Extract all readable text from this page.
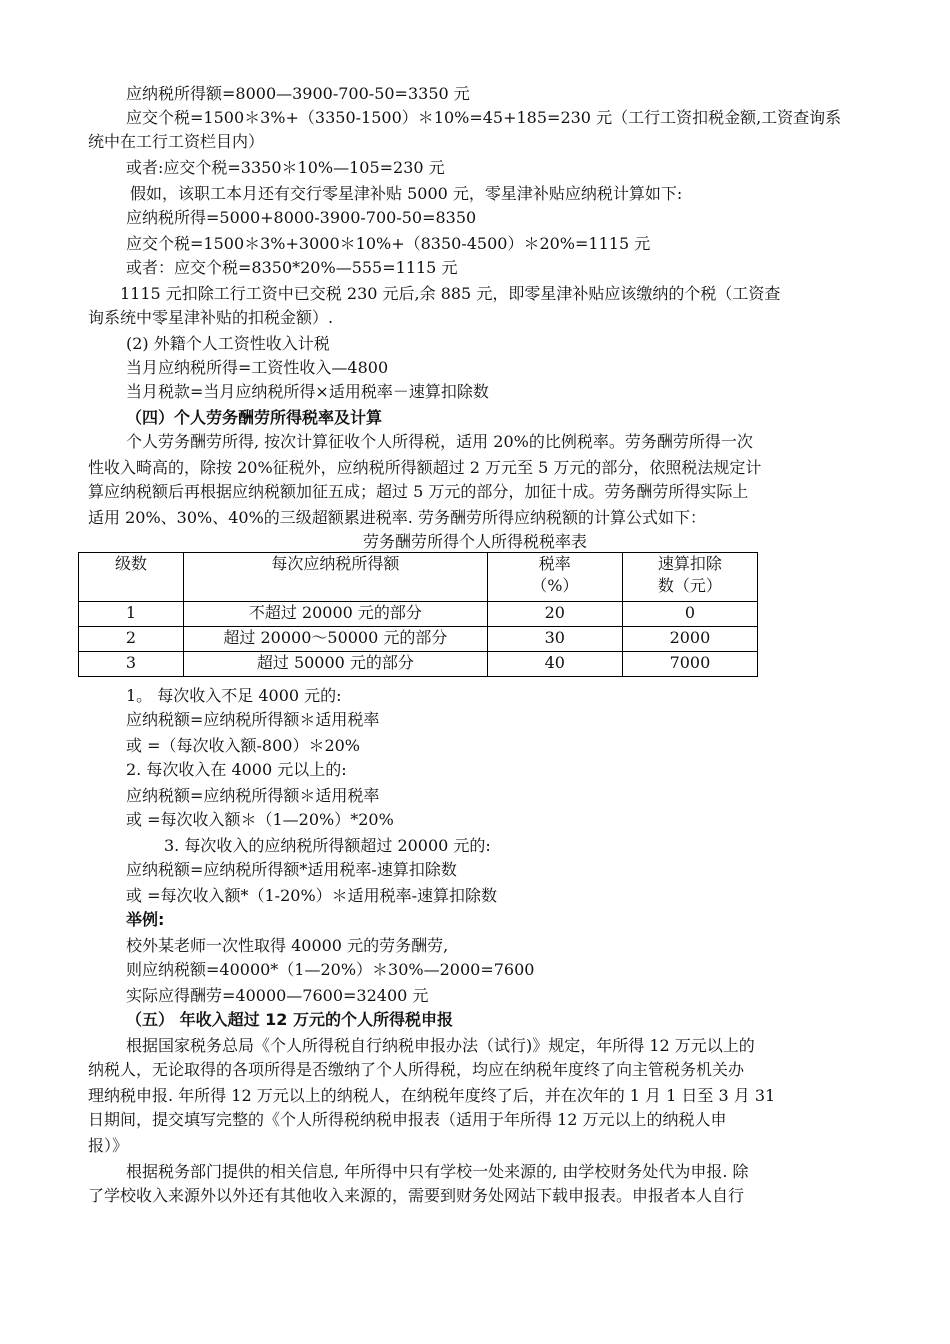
应纳税所得额=8000—3900-700-50=3350 元
应交个税=1500＊3%+（3350-1500）＊10%=45+185=230 元（工行工资扣税金额,工资查询系
统中在工行工资栏目内）
或者:应交个税=3350＊10%—105=230 元
假如，该职工本月还有交行零星津补贴 5000 元，零星津补贴应纳税计算如下:
应纳税所得=5000+8000-3900-700-50=8350
应交个税=1500＊3%+3000＊10%+（8350-4500）＊20%=1115 元
或者：应交个税=8350*20%—555=1115 元
1115 元扣除工行工资中已交税 230 元后,余 885 元，即零星津补贴应该缴纳的个税（工资查
询系统中零星津补贴的扣税金额）.
(2) 外籍个人工资性收入计税
当月应纳税所得=工资性收入—4800
当月税款=当月应纳税所得×适用税率－速算扣除数
（四）个人劳务酬劳所得税率及计算
个人劳务酬劳所得, 按次计算征收个人所得税，适用 20%的比例税率。劳务酬劳所得一次
性收入畸高的，除按 20%征税外，应纳税所得额超过 2 万元至 5 万元的部分，依照税法规定计
算应纳税额后再根据应纳税额加征五成；超过 5 万元的部分，加征十成。劳务酬劳所得实际上
适用 20%、30%、40%的三级超额累进税率. 劳务酬劳所得应纳税额的计算公式如下：
劳务酬劳所得个人所得税税率表
级数	每次应纳税所得额	税率
（%）	速算扣除
数（元）

1	不超过 20000 元的部分	20	0
2	超过 20000～50000 元的部分	30	2000
3	超过 50000 元的部分	40	7000
1。 每次收入不足 4000 元的:
应纳税额=应纳税所得额＊适用税率
或 =（每次收入额-800）＊20%
2. 每次收入在 4000 元以上的:
应纳税额=应纳税所得额＊适用税率
或 =每次收入额＊（1—20%）*20%
3. 每次收入的应纳税所得额超过 20000 元的:
应纳税额=应纳税所得额*适用税率-速算扣除数
或 =每次收入额*（1-20%）＊适用税率-速算扣除数
举例:
校外某老师一次性取得 40000 元的劳务酬劳,
则应纳税额=40000*（1—20%）＊30%—2000=7600
实际应得酬劳=40000—7600=32400 元
（五） 年收入超过 12 万元的个人所得税申报
根据国家税务总局《个人所得税自行纳税申报办法（试行)》规定，年所得 12 万元以上的
纳税人，无论取得的各项所得是否缴纳了个人所得税，均应在纳税年度终了向主管税务机关办
理纳税申报. 年所得 12 万元以上的纳税人，在纳税年度终了后，并在次年的 1 月 1 日至 3 月 31
日期间，提交填写完整的《个人所得税纳税申报表（适用于年所得 12 万元以上的纳税人申
报）》
根据税务部门提供的相关信息, 年所得中只有学校一处来源的, 由学校财务处代为申报. 除
了学校收入来源外以外还有其他收入来源的，需要到财务处网站下载申报表。申报者本人自行
